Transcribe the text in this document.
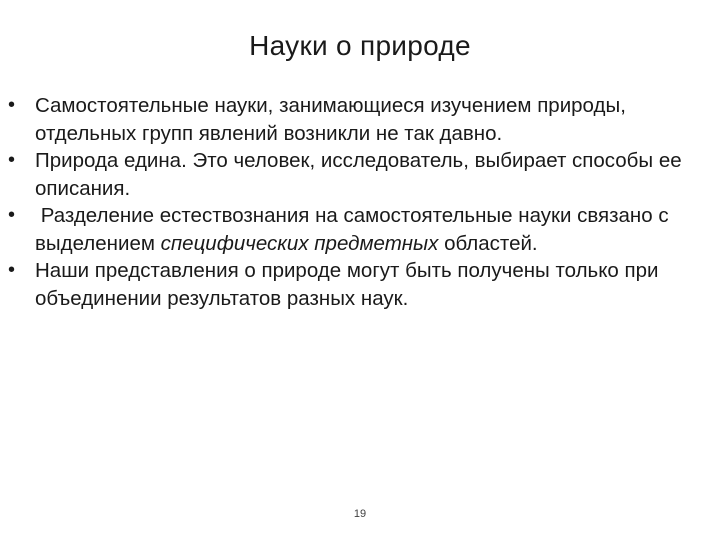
Науки о природе
• Самостоятельные науки, занимающиеся изучением природы, отдельных групп явлений возникли не так давно.
• Природа едина. Это человек, исследователь, выбирает способы ее описания.
• Разделение естествознания на самостоятельные науки связано с выделением специфических предметных областей.
• Наши представления о природе могут быть получены только при объединении результатов разных наук.
19
